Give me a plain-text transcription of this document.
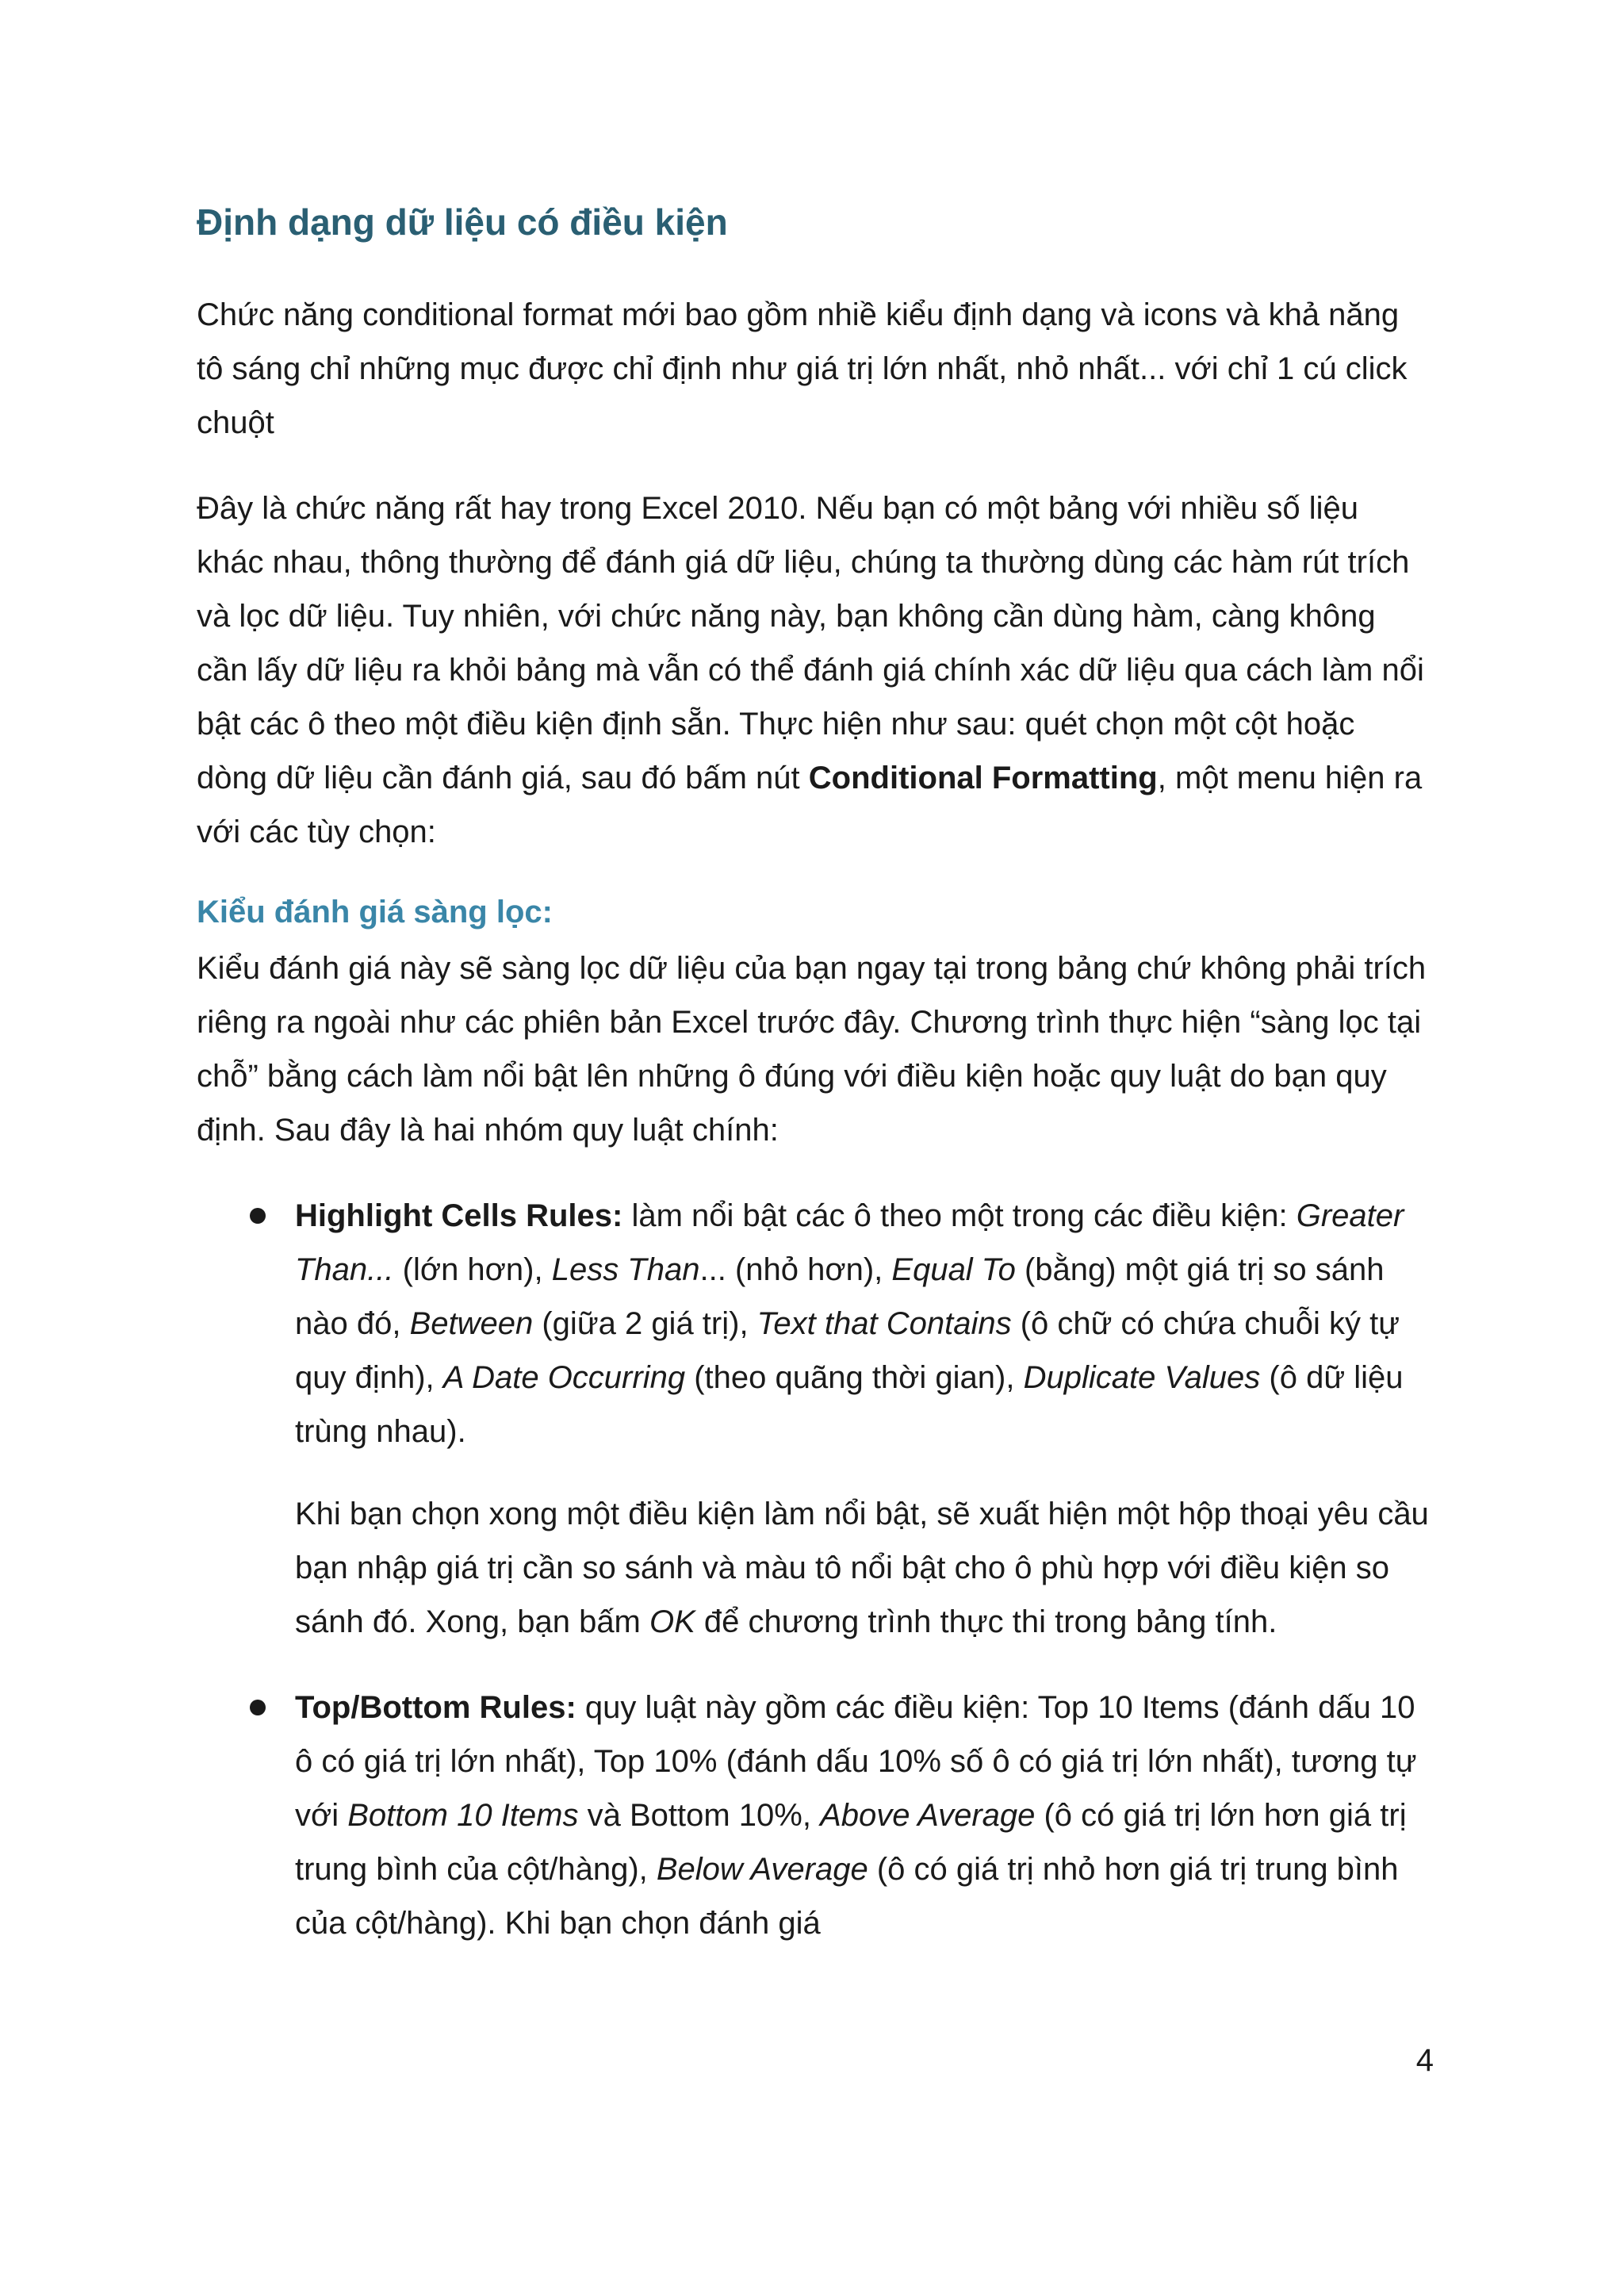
Định dạng dữ liệu có điều kiện

Chức năng conditional format mới bao gồm nhiề kiểu định dạng và icons và khả năng tô sáng chỉ những mục được chỉ định như giá trị lớn nhất, nhỏ nhất... với chỉ 1 cú click chuột

Đây là chức năng rất hay trong Excel 2010. Nếu bạn có một bảng với nhiều số liệu khác nhau, thông thường để đánh giá dữ liệu, chúng ta thường dùng các hàm rút trích và lọc dữ liệu. Tuy nhiên, với chức năng này, bạn không cần dùng hàm, càng không cần lấy dữ liệu ra khỏi bảng mà vẫn có thể đánh giá chính xác dữ liệu qua cách làm nổi bật các ô theo một điều kiện định sẵn. Thực hiện như sau: quét chọn một cột hoặc dòng dữ liệu cần đánh giá, sau đó bấm nút Conditional Formatting, một menu hiện ra với các tùy chọn:

Kiểu đánh giá sàng lọc:

Kiểu đánh giá này sẽ sàng lọc dữ liệu của bạn ngay tại trong bảng chứ không phải trích riêng ra ngoài như các phiên bản Excel trước đây. Chương trình thực hiện “sàng lọc tại chỗ” bằng cách làm nổi bật lên những ô đúng với điều kiện hoặc quy luật do bạn quy định. Sau đây là hai nhóm quy luật chính:

Highlight Cells Rules: làm nổi bật các ô theo một trong các điều kiện: Greater Than... (lớn hơn), Less Than... (nhỏ hơn), Equal To (bằng) một giá trị so sánh nào đó, Between (giữa 2 giá trị), Text that Contains (ô chữ có chứa chuỗi ký tự quy định), A Date Occurring (theo quãng thời gian), Duplicate Values (ô dữ liệu trùng nhau).

Khi bạn chọn xong một điều kiện làm nổi bật, sẽ xuất hiện một hộp thoại yêu cầu bạn nhập giá trị cần so sánh và màu tô nổi bật cho ô phù hợp với điều kiện so sánh đó. Xong, bạn bấm OK để chương trình thực thi trong bảng tính.

Top/Bottom Rules: quy luật này gồm các điều kiện: Top 10 Items (đánh dấu 10 ô có giá trị lớn nhất), Top 10% (đánh dấu 10% số ô có giá trị lớn nhất), tương tự với Bottom 10 Items và Bottom 10%, Above Average (ô có giá trị lớn hơn giá trị trung bình của cột/hàng), Below Average (ô có giá trị nhỏ hơn giá trị trung bình của cột/hàng). Khi bạn chọn đánh giá

4
